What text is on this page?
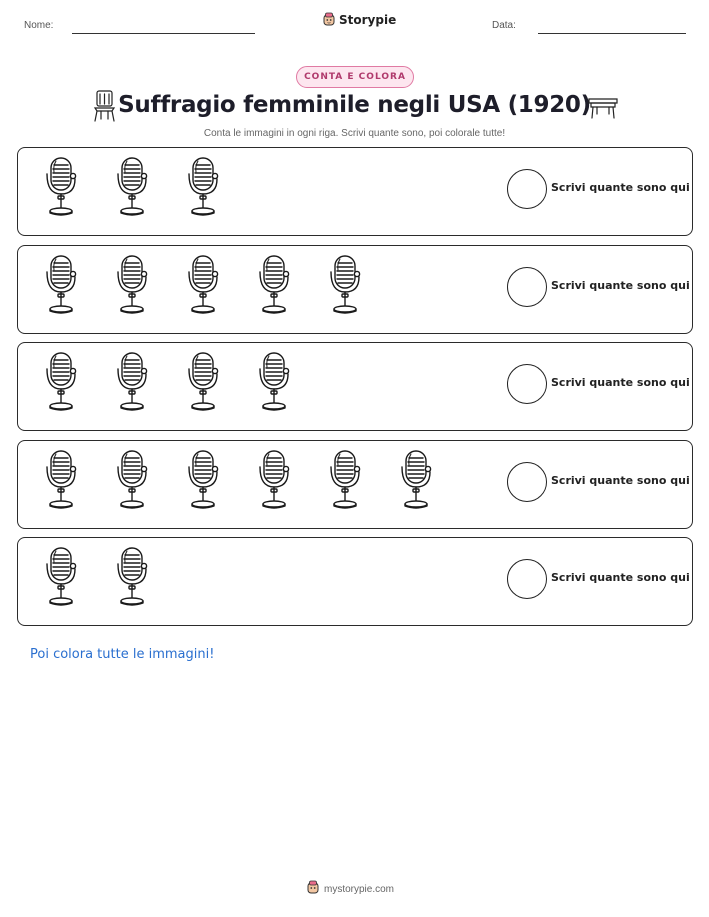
Nome:	Storypie	Data:
CONTA E COLORA
Suffragio femminile negli USA (1920)
Conta le immagini in ogni riga. Scrivi quante sono, poi colorale tutte!
Scrivi quante sono qui
Scrivi quante sono qui
Scrivi quante sono qui
Scrivi quante sono qui
Scrivi quante sono qui
Poi colora tutte le immagini!
mystorypie.com
